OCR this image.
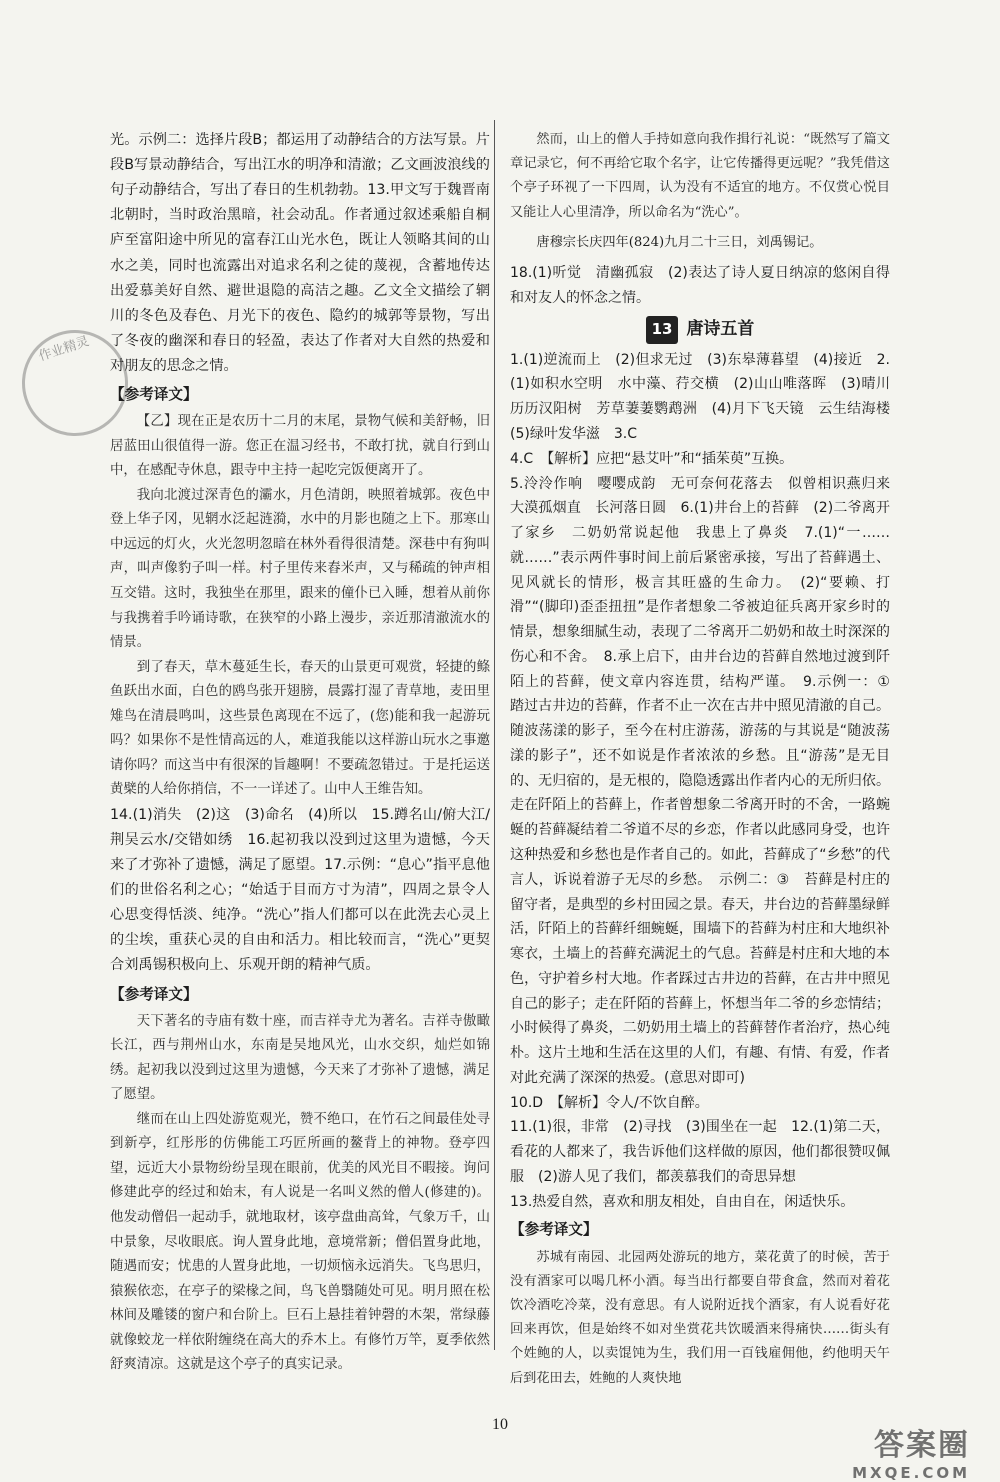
作业精灵

光。示例二：选择片段B；都运用了动静结合的方法写景。片段B写景动静结合，写出江水的明净和清澈；乙文画波浪线的句子动静结合，写出了春日的生机勃勃。13.甲文写于魏晋南北朝时，当时政治黑暗，社会动乱。作者通过叙述乘船自桐庐至富阳途中所见的富春江山光水色，既让人领略其间的山水之美，同时也流露出对追求名利之徒的蔑视，含蓄地传达出爱慕美好自然、避世退隐的高洁之趣。乙文全文描绘了辋川的冬色及春色、月光下的夜色、隐约的城郭等景物，写出了冬夜的幽深和春日的轻盈，表达了作者对大自然的热爱和对朋友的思念之情。

【参考译文】

【乙】现在正是农历十二月的末尾，景物气候和美舒畅，旧居蓝田山很值得一游。您正在温习经书，不敢打扰，就自行到山中，在感配寺休息，跟寺中主持一起吃完饭便离开了。

我向北渡过深青色的灞水，月色清朗，映照着城郭。夜色中登上华子冈，见辋水泛起涟漪，水中的月影也随之上下。那寒山中远远的灯火，火光忽明忽暗在林外看得很清楚。深巷中有狗叫声，叫声像豹子叫一样。村子里传来舂米声，又与稀疏的钟声相互交错。这时，我独坐在那里，跟来的僮仆已入睡，想着从前你与我携着手吟诵诗歌，在狭窄的小路上漫步，亲近那清澈流水的情景。

到了春天，草木蔓延生长，春天的山景更可观赏，轻捷的鲦鱼跃出水面，白色的鸥鸟张开翅膀，晨露打湿了青草地，麦田里雉鸟在清晨鸣叫，这些景色离现在不远了，(您)能和我一起游玩吗？如果你不是性情高远的人，难道我能以这样游山玩水之事邀请你吗？而这当中有很深的旨趣啊！不要疏忽错过。于是托运送黄檗的人给你捎信，不一一详述了。山中人王维告知。

14.(1)消失　(2)这　(3)命名　(4)所以　15.蹲名山/俯大江/荆吴云水/交错如绣　16.起初我以没到过这里为遗憾，今天来了才弥补了遗憾，满足了愿望。17.示例：“息心”指平息他们的世俗名利之心；“始适于目而方寸为清”，四周之景令人心思变得恬淡、纯净。“洗心”指人们都可以在此洗去心灵上的尘埃，重获心灵的自由和活力。相比较而言，“洗心”更契合刘禹锡积极向上、乐观开朗的精神气质。

【参考译文】

天下著名的寺庙有数十座，而吉祥寺尤为著名。吉祥寺傲瞰长江，西与荆州山水，东南是吴地风光，山水交织，灿烂如锦绣。起初我以没到过这里为遗憾，今天来了才弥补了遗憾，满足了愿望。

继而在山上四处游览观光，赞不绝口，在竹石之间最佳处寻到新亭，红彤彤的仿佛能工巧匠所画的鳌背上的神物。登亭四望，远近大小景物纷纷呈现在眼前，优美的风光目不暇接。询问修建此亭的经过和始末，有人说是一名叫义然的僧人(修建的)。他发动僧侣一起动手，就地取材，该亭盘曲高耸，气象万千，山中景象，尽收眼底。询人置身此地，意境常新；僧侣置身此地，随遇而安；忧患的人置身此地，一切烦恼永远消失。飞鸟思归，猿猴依恋，在亭子的梁椽之间，鸟飞兽翳随处可见。明月照在松林间及雕镂的窗户和台阶上。巨石上悬挂着钟磬的木架，常绿藤就像蛟龙一样依附缠绕在高大的乔木上。有修竹万竿，夏季依然舒爽清凉。这就是这个亭子的真实记录。

然而，山上的僧人手持如意向我作揖行礼说：“既然写了篇文章记录它，何不再给它取个名字，让它传播得更远呢？”我凭借这个亭子环视了一下四周，认为没有不适宜的地方。不仅赏心悦目又能让人心里清净，所以命名为“洗心”。

唐穆宗长庆四年(824)九月二十三日，刘禹锡记。

18.(1)听觉　清幽孤寂　(2)表达了诗人夏日纳凉的悠闲自得和对友人的怀念之情。

13 唐诗五首

1.(1)逆流而上　(2)但求无过　(3)东皋薄暮望　(4)接近　2.(1)如积水空明　水中藻、荇交横　(2)山山唯落晖　(3)晴川历历汉阳树　芳草萋萋鹦鹉洲　(4)月下飞天镜　云生结海楼　(5)绿叶发华滋　3.C

4.C　【解析】应把“悬艾叶”和“插茱萸”互换。

5.泠泠作响　嘤嘤成韵　无可奈何花落去　似曾相识燕归来　大漠孤烟直　长河落日圆　6.(1)井台上的苔藓　(2)二爷离开了家乡　二奶奶常说起他　我患上了鼻炎　7.(1)“一……就……”表示两件事时间上前后紧密承接，写出了苔藓遇土、见风就长的情形，极言其旺盛的生命力。　(2)“要赖、打滑”“(脚印)歪歪扭扭”是作者想象二爷被迫征兵离开家乡时的情景，想象细腻生动，表现了二爷离开二奶奶和故土时深深的伤心和不舍。　8.承上启下，由井台边的苔藓自然地过渡到阡陌上的苔藓，使文章内容连贯，结构严谨。　9.示例一：①　踏过古井边的苔藓，作者不止一次在古井中照见清澈的自己。随波荡漾的影子，至今在村庄游荡，游荡的与其说是“随波荡漾的影子”，还不如说是作者浓浓的乡愁。且“游荡”是无目的、无归宿的，是无根的，隐隐透露出作者内心的无所归依。走在阡陌上的苔藓上，作者曾想象二爷离开时的不舍，一路蜿蜒的苔藓凝结着二爷道不尽的乡恋，作者以此感同身受，也许这种热爱和乡愁也是作者自己的。如此，苔藓成了“乡愁”的代言人，诉说着游子无尽的乡愁。　示例二：③　苔藓是村庄的留守者，是典型的乡村田园之景。春天，井台边的苔藓墨绿鲜活，阡陌上的苔藓纤细蜿蜒，围墙下的苔藓为村庄和大地织补寒衣，土墙上的苔藓充满泥土的气息。苔藓是村庄和大地的本色，守护着乡村大地。作者踩过古井边的苔藓，在古井中照见自己的影子；走在阡陌的苔藓上，怀想当年二爷的乡恋情结；小时候得了鼻炎，二奶奶用土墙上的苔藓替作者治疗，热心纯朴。这片土地和生活在这里的人们，有趣、有情、有爱，作者对此充满了深深的热爱。(意思对即可)

10.D　【解析】令人/不饮自醉。

11.(1)很，非常　(2)寻找　(3)围坐在一起　12.(1)第二天，看花的人都来了，我告诉他们这样做的原因，他们都很赞叹佩服　(2)游人见了我们，都羡慕我们的奇思异想

13.热爱自然，喜欢和朋友相处，自由自在，闲适快乐。

【参考译文】

苏城有南园、北园两处游玩的地方，菜花黄了的时候，苦于没有酒家可以喝几杯小酒。每当出行都要自带食盒，然而对着花饮冷酒吃冷菜，没有意思。有人说附近找个酒家，有人说看好花回来再饮，但是始终不如对坐赏花共饮暖酒来得痛快……街头有个姓鲍的人，以卖馄饨为生，我们用一百钱雇佣他，约他明天午后到花田去，姓鲍的人爽快地

10
答案圈
MXQE.COM
